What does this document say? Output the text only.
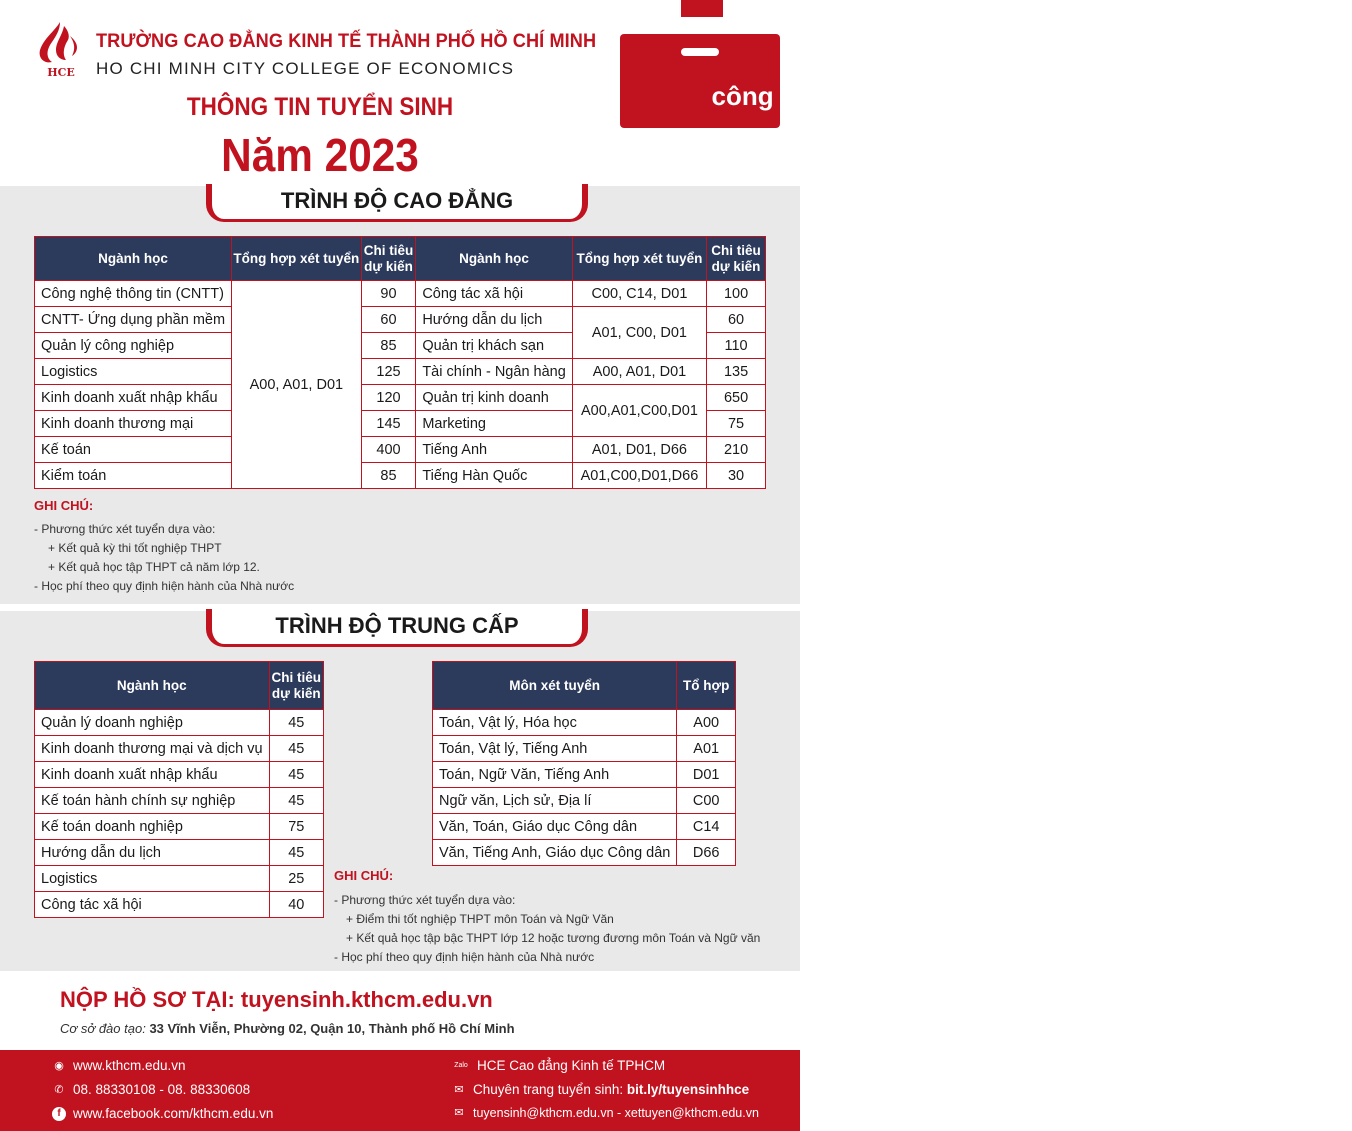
HCE
TRƯỜNG CAO ĐẲNG KINH TẾ THÀNH PHỐ HỒ CHÍ MINH
HO CHI MINH CITY COLLEGE OF ECONOMICS
THÔNG TIN TUYỂN SINH
Năm 2023
Trường
công lập
TRÌNH ĐỘ CAO ĐẲNG
Ngành học	Tổng hợp xét tuyển	Chi tiêu
dự kiến	Ngành học	Tổng hợp xét tuyển	Chi tiêu
dự kiến
Công nghệ thông tin (CNTT)	A00, A01, D01	90	Công tác xã hội	C00, C14, D01	100
CNTT- Ứng dụng phần mềm		60	Hướng dẫn du lịch	A01, C00, D01	60
Quản lý công nghiệp		85	Quản trị khách sạn		110
Logistics		125	Tài chính - Ngân hàng	A00, A01, D01	135
Kinh doanh xuất nhập khẩu		120	Quản trị kinh doanh	A00,A01,C00,D01	650
Kinh doanh thương mại		145	Marketing		75
Kế toán		400	Tiếng Anh	A01, D01, D66	210
Kiểm toán		85	Tiếng Hàn Quốc	A01,C00,D01,D66	30
GHI CHÚ:
- Phương thức xét tuyển dựa vào:
+ Kết quả kỳ thi tốt nghiệp THPT
+ Kết quả học tập THPT cả năm lớp 12.
- Học phí theo quy định hiện hành của Nhà nước
TRÌNH ĐỘ TRUNG CẤP
Ngành học	Chi tiêu
dự kiến
Quản lý doanh nghiệp	45
Kinh doanh thương mại và dịch vụ	45
Kinh doanh xuất nhập khẩu	45
Kế toán hành chính sự nghiệp	45
Kế toán doanh nghiệp	75
Hướng dẫn du lịch	45
Logistics	25
Công tác xã hội	40
Môn xét tuyển	Tổ hợp
Toán, Vật lý, Hóa học	A00
Toán, Vật lý, Tiếng Anh	A01
Toán, Ngữ Văn, Tiếng Anh	D01
Ngữ văn, Lịch sử, Địa lí	C00
Văn, Toán, Giáo dục Công dân	C14
Văn, Tiếng Anh, Giáo dục Công dân	D66
GHI CHÚ:
- Phương thức xét tuyển dựa vào:
+ Điểm thi tốt nghiệp THPT môn Toán và Ngữ Văn
+ Kết quả học tập bậc THPT lớp 12 hoặc tương đương môn Toán và Ngữ văn
- Học phí theo quy định hiện hành của Nhà nước
NỘP HỒ SƠ TẠI: tuyensinh.kthcm.edu.vn
Cơ sở đào tạo: 33 Vĩnh Viễn, Phường 02, Quận 10, Thành phố Hồ Chí Minh
◉ www.kthcm.edu.vn
✆ 08. 88330108 - 08. 88330608
f www.facebook.com/kthcm.edu.vn
Zalo HCE Cao đẳng Kinh tế TPHCM
✉ Chuyên trang tuyển sinh:
bit.ly/tuyensinhhce
✉ tuyensinh@kthcm.edu.vn - xettuyen@kthcm.edu.vn
